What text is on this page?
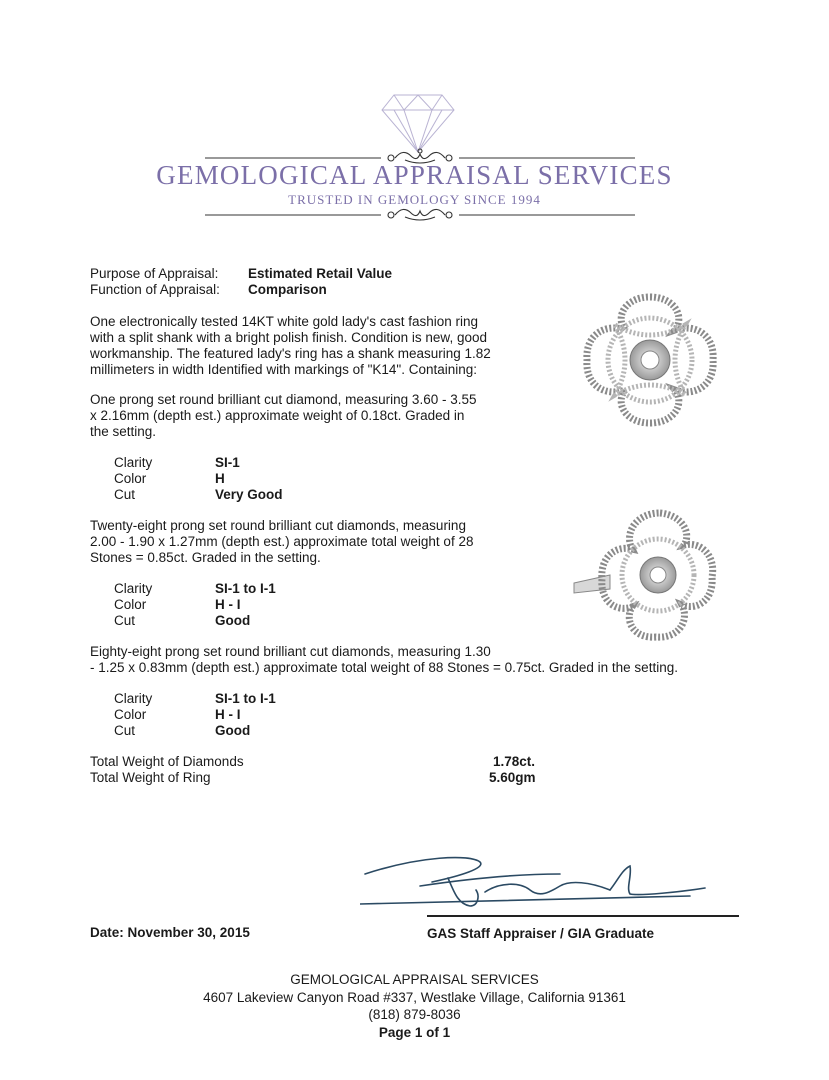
GEMOLOGICAL APPRAISAL SERVICES
TRUSTED IN GEMOLOGY SINCE 1994
Purpose of Appraisal: Estimated Retail Value
Function of Appraisal: Comparison
One electronically tested 14KT white gold lady's cast fashion ring
with a split shank with a bright polish finish. Condition is new, good
workmanship. The featured lady's ring has a shank measuring 1.82
millimeters in width Identified with markings of "K14". Containing:
One prong set round brilliant cut diamond, measuring 3.60 - 3.55
x 2.16mm (depth est.) approximate weight of 0.18ct. Graded in
the setting.
Clarity	SI-1
Color	H
Cut	Very Good
Twenty-eight prong set round brilliant cut diamonds, measuring
2.00 - 1.90 x 1.27mm (depth est.) approximate total weight of 28
Stones = 0.85ct. Graded in the setting.
Clarity	SI-1 to I-1
Color	H - I
Cut	Good
Eighty-eight prong set round brilliant cut diamonds, measuring 1.30
- 1.25 x 0.83mm (depth est.) approximate total weight of 88 Stones = 0.75ct. Graded in the setting.
Clarity	SI-1 to I-1
Color	H - I
Cut	Good
Total Weight of Diamonds	1.78ct.
Total Weight of Ring	5.60gm
Date: November 30, 2015	GAS Staff Appraiser / GIA Graduate
GEMOLOGICAL APPRAISAL SERVICES
4607 Lakeview Canyon Road #337, Westlake Village, California 91361
(818) 879-8036
Page 1 of 1
